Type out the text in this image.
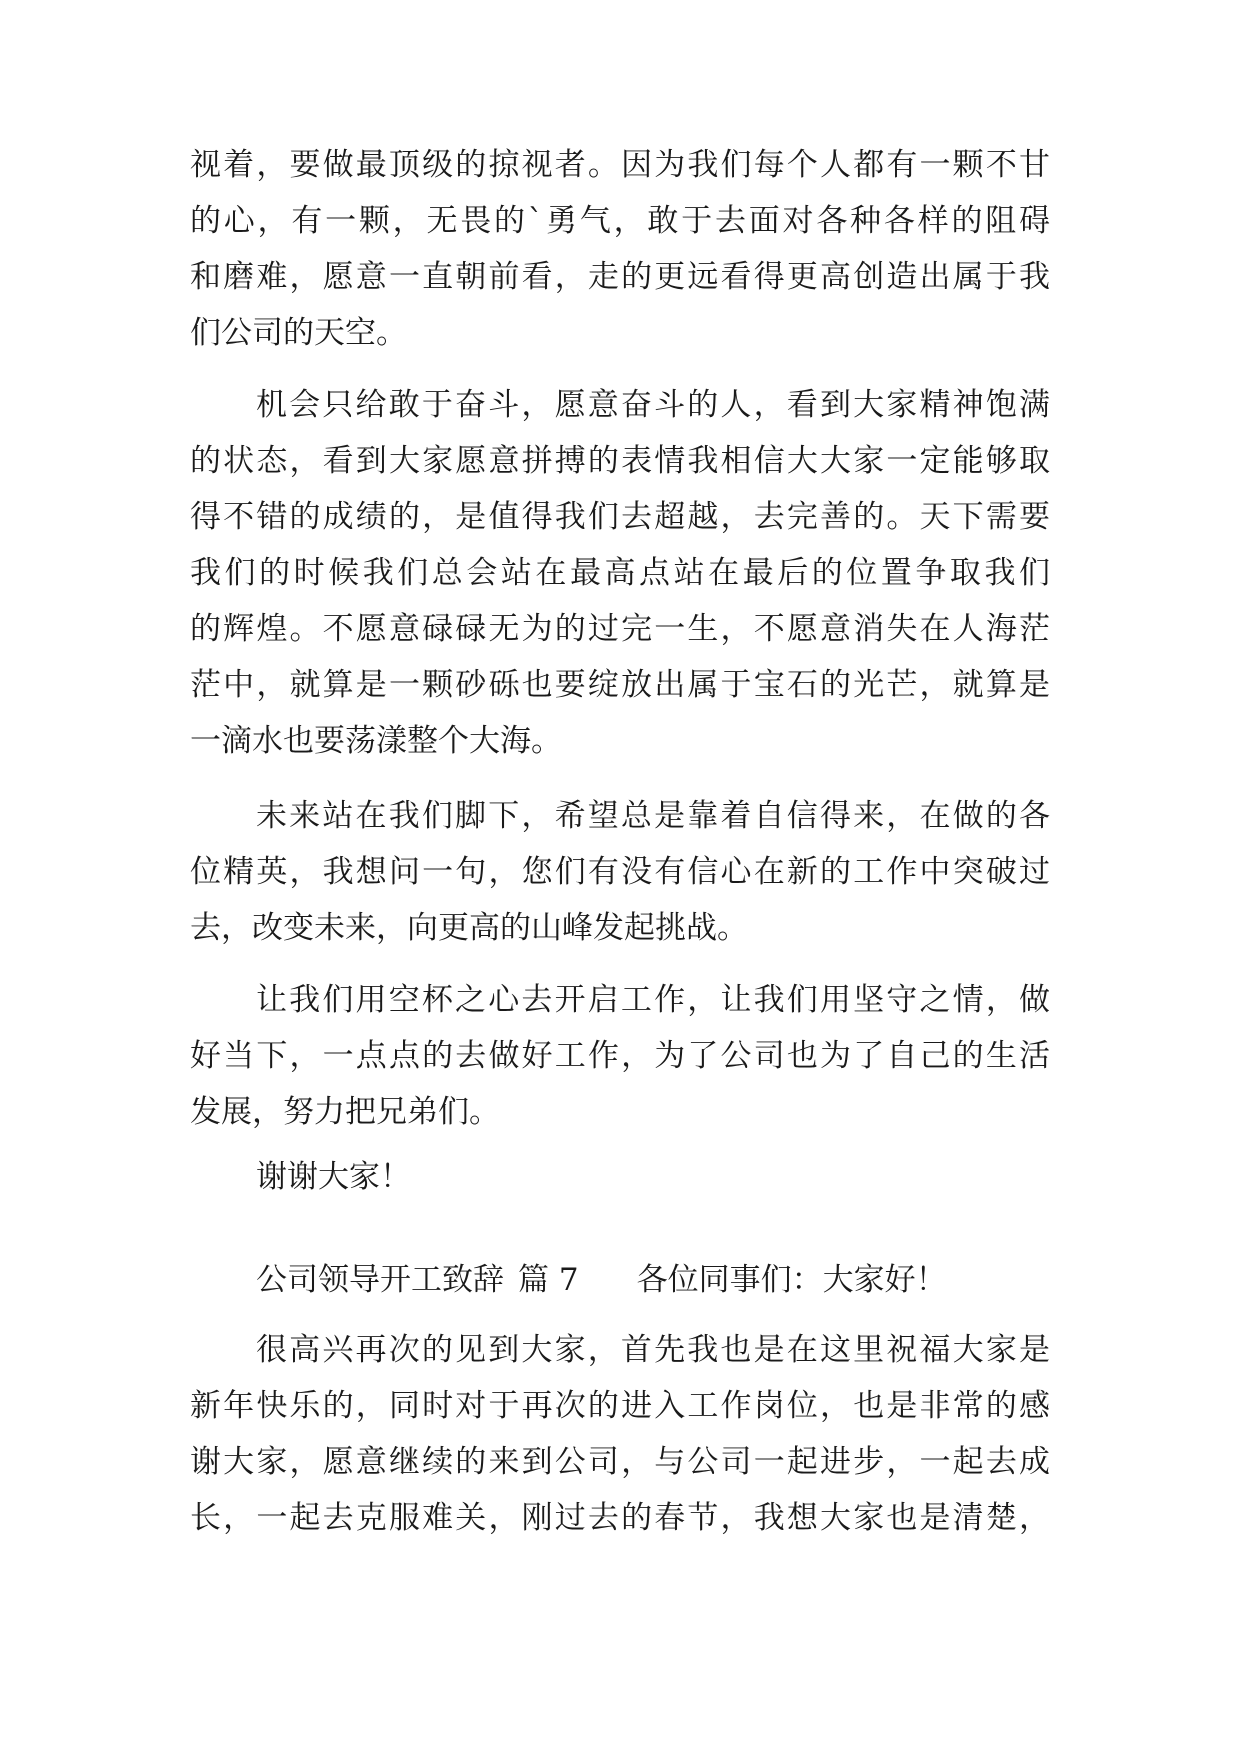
视着，要做最顶级的掠视者。因为我们每个人都有一颗不甘
的心，有一颗，无畏的`勇气，敢于去面对各种各样的阻碍
和磨难，愿意一直朝前看，走的更远看得更高创造出属于我
们公司的天空。
机会只给敢于奋斗，愿意奋斗的人，看到大家精神饱满
的状态，看到大家愿意拼搏的表情我相信大大家一定能够取
得不错的成绩的，是值得我们去超越，去完善的。天下需要
我们的时候我们总会站在最高点站在最后的位置争取我们
的辉煌。不愿意碌碌无为的过完一生，不愿意消失在人海茫
茫中，就算是一颗砂砾也要绽放出属于宝石的光芒，就算是
一滴水也要荡漾整个大海。
未来站在我们脚下，希望总是靠着自信得来，在做的各
位精英，我想问一句，您们有没有信心在新的工作中突破过
去，改变未来，向更高的山峰发起挑战。
让我们用空杯之心去开启工作，让我们用坚守之情，做
好当下，一点点的去做好工作，为了公司也为了自己的生活
发展，努力把兄弟们。
谢谢大家！
公司领导开工致辞 篇 7 各位同事们：大家好！
很高兴再次的见到大家，首先我也是在这里祝福大家是
新年快乐的，同时对于再次的进入工作岗位，也是非常的感
谢大家，愿意继续的来到公司，与公司一起进步，一起去成
长，一起去克服难关，刚过去的春节，我想大家也是清楚，
